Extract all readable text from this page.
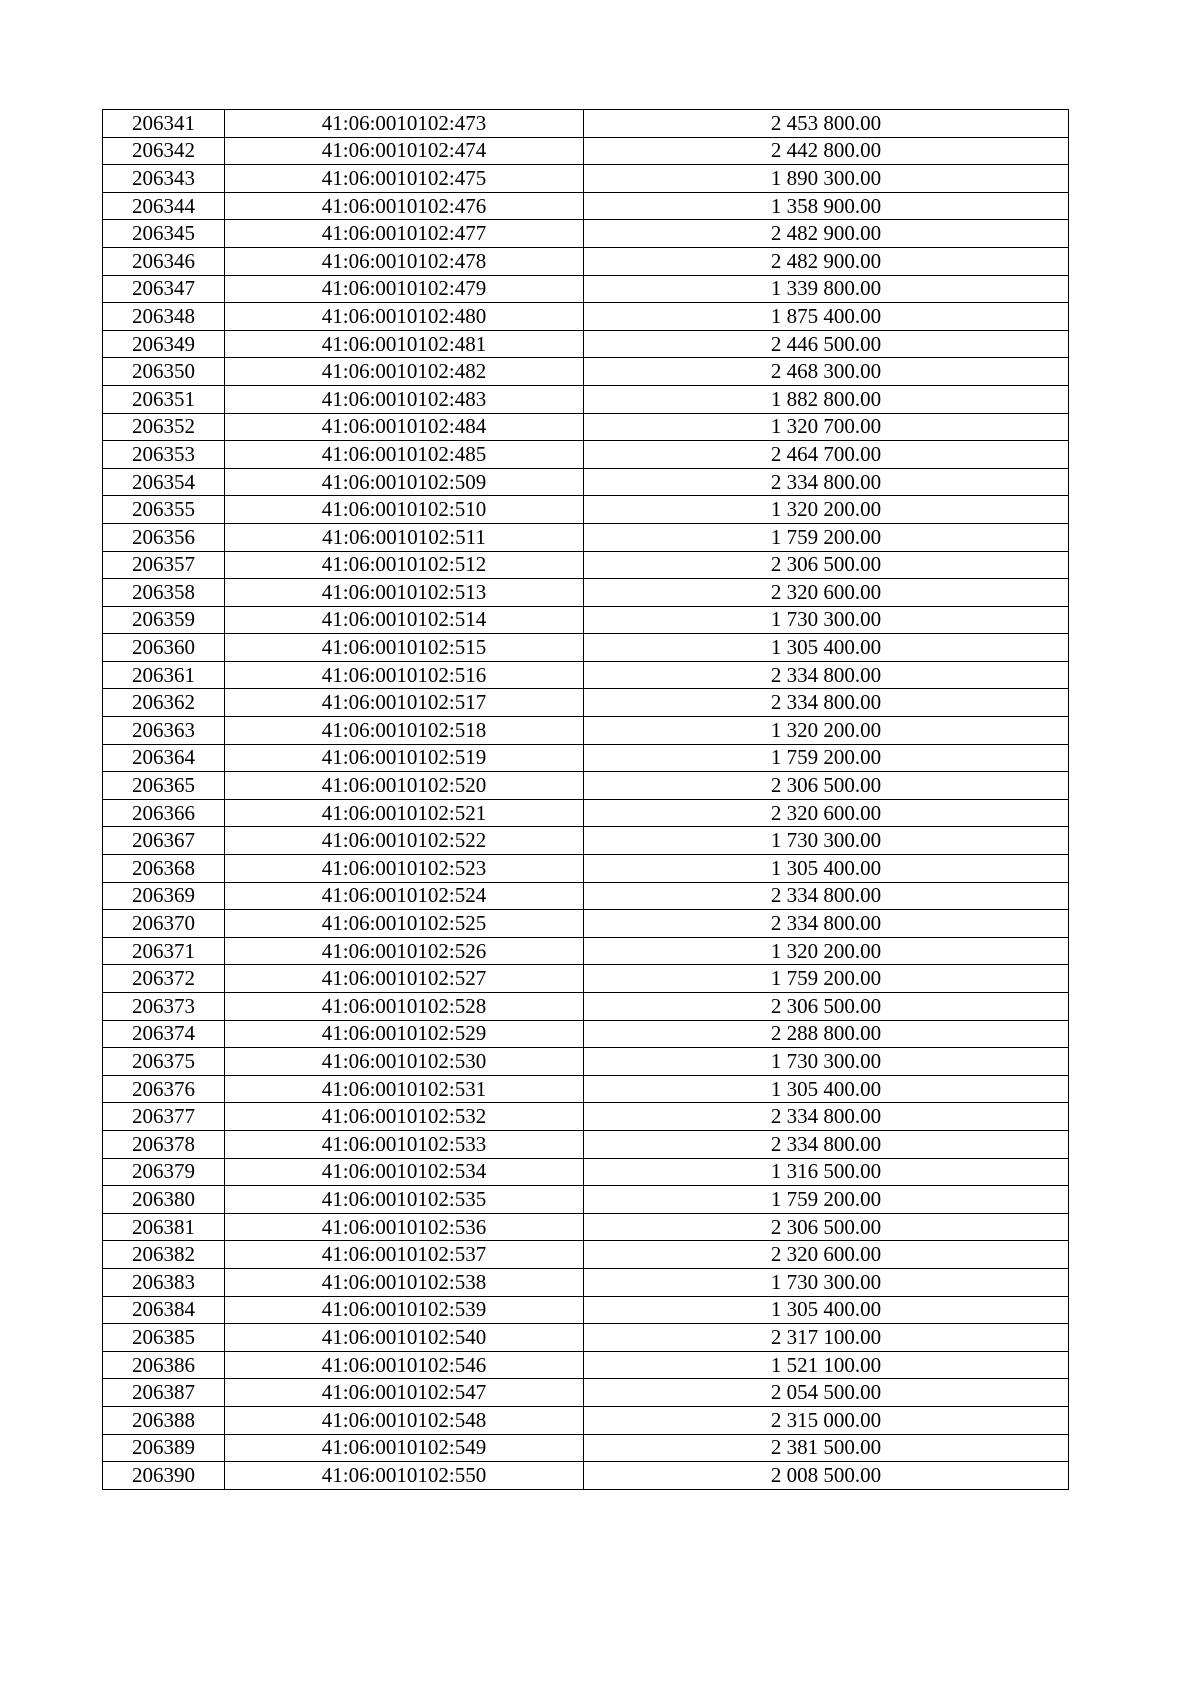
206341	41:06:0010102:473	2 453 800.00
206342	41:06:0010102:474	2 442 800.00
206343	41:06:0010102:475	1 890 300.00
206344	41:06:0010102:476	1 358 900.00
206345	41:06:0010102:477	2 482 900.00
206346	41:06:0010102:478	2 482 900.00
206347	41:06:0010102:479	1 339 800.00
206348	41:06:0010102:480	1 875 400.00
206349	41:06:0010102:481	2 446 500.00
206350	41:06:0010102:482	2 468 300.00
206351	41:06:0010102:483	1 882 800.00
206352	41:06:0010102:484	1 320 700.00
206353	41:06:0010102:485	2 464 700.00
206354	41:06:0010102:509	2 334 800.00
206355	41:06:0010102:510	1 320 200.00
206356	41:06:0010102:511	1 759 200.00
206357	41:06:0010102:512	2 306 500.00
206358	41:06:0010102:513	2 320 600.00
206359	41:06:0010102:514	1 730 300.00
206360	41:06:0010102:515	1 305 400.00
206361	41:06:0010102:516	2 334 800.00
206362	41:06:0010102:517	2 334 800.00
206363	41:06:0010102:518	1 320 200.00
206364	41:06:0010102:519	1 759 200.00
206365	41:06:0010102:520	2 306 500.00
206366	41:06:0010102:521	2 320 600.00
206367	41:06:0010102:522	1 730 300.00
206368	41:06:0010102:523	1 305 400.00
206369	41:06:0010102:524	2 334 800.00
206370	41:06:0010102:525	2 334 800.00
206371	41:06:0010102:526	1 320 200.00
206372	41:06:0010102:527	1 759 200.00
206373	41:06:0010102:528	2 306 500.00
206374	41:06:0010102:529	2 288 800.00
206375	41:06:0010102:530	1 730 300.00
206376	41:06:0010102:531	1 305 400.00
206377	41:06:0010102:532	2 334 800.00
206378	41:06:0010102:533	2 334 800.00
206379	41:06:0010102:534	1 316 500.00
206380	41:06:0010102:535	1 759 200.00
206381	41:06:0010102:536	2 306 500.00
206382	41:06:0010102:537	2 320 600.00
206383	41:06:0010102:538	1 730 300.00
206384	41:06:0010102:539	1 305 400.00
206385	41:06:0010102:540	2 317 100.00
206386	41:06:0010102:546	1 521 100.00
206387	41:06:0010102:547	2 054 500.00
206388	41:06:0010102:548	2 315 000.00
206389	41:06:0010102:549	2 381 500.00
206390	41:06:0010102:550	2 008 500.00
